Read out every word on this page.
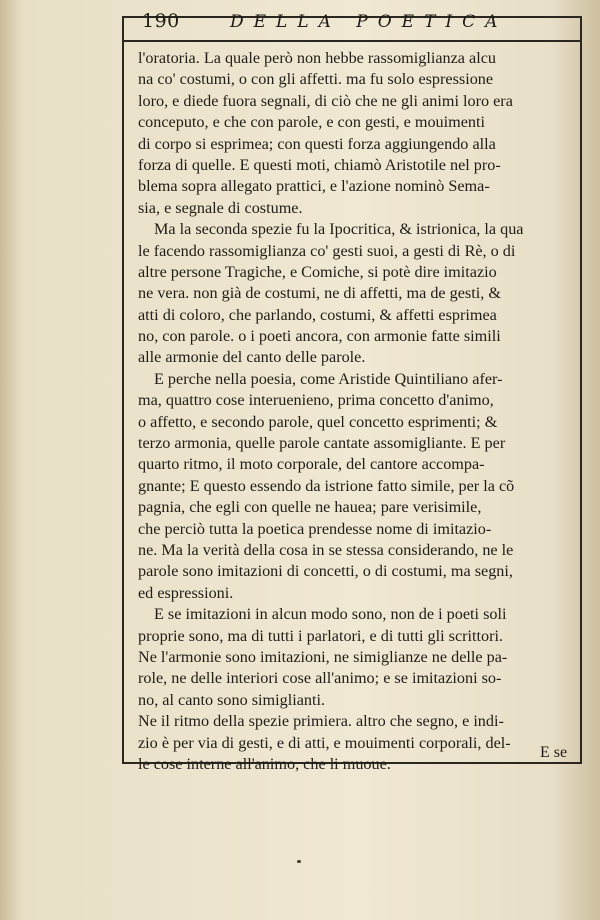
190	DELLA POETICA
l'oratoria. La quale però non hebbe rassomiglianza alcu
na co' costumi, o con gli affetti. ma fu solo espressione
loro, e diede fuora segnali, di ciò che ne gli animi loro era
conceputo, e che con parole, e con gesti, e mouimenti
di corpo si esprimea; con questi forza aggiungendo alla
forza di quelle. E questi moti, chiamò Aristotile nel pro-
blema sopra allegato prattici, e l'azione nominò Sema-
sia, e segnale di costume.
Ma la seconda spezie fu la Ipocritica, & istrionica, la qua
le facendo rassomiglianza co' gesti suoi, a gesti di Rè, o di
altre persone Tragiche, e Comiche, si potè dire imitazio
ne vera. non già de costumi, ne di affetti, ma de gesti, &
atti di coloro, che parlando, costumi, & affetti esprimea
no, con parole. o i poeti ancora, con armonie fatte simili
alle armonie del canto delle parole.
E perche nella poesia, come Aristide Quintiliano afer-
ma, quattro cose interuenieno, prima concetto d'animo,
o affetto, e secondo parole, quel concetto esprimenti; &
terzo armonia, quelle parole cantate assomigliante. E per
quarto ritmo, il moto corporale, del cantore accompa-
gnante; E questo essendo da istrione fatto simile, per la cõ
pagnia, che egli con quelle ne hauea; pare verisimile,
che perciò tutta la poetica prendesse nome di imitazio-
ne. Ma la verità della cosa in se stessa considerando, ne le
parole sono imitazioni di concetti, o di costumi, ma segni,
ed espressioni.
E se imitazioni in alcun modo sono, non de i poeti soli
proprie sono, ma di tutti i parlatori, e di tutti gli scrittori.
Ne l'armonie sono imitazioni, ne simiglianze ne delle pa-
role, ne delle interiori cose all'animo; e se imitazioni so-
no, al canto sono simiglianti.
Ne il ritmo della spezie primiera. altro che segno, e indi-
zio è per via di gesti, e di atti, e mouimenti corporali, del-
le cose interne all'animo, che li muoue.
E se
